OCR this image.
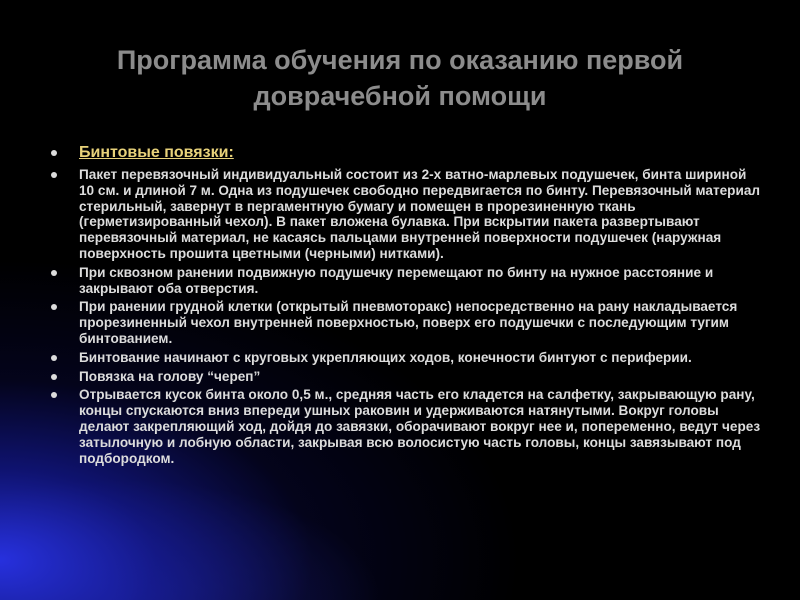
Программа обучения по оказанию первой
доврачебной помощи
Бинтовые повязки:
Пакет перевязочный индивидуальный состоит из 2-х ватно-марлевых подушечек, бинта шириной 10 см. и длиной 7 м. Одна из подушечек свободно передвигается по бинту. Перевязочный материал стерильный, завернут в пергаментную бумагу и помещен в прорезиненную ткань (герметизированный чехол). В пакет вложена булавка. При вскрытии пакета развертывают перевязочный материал, не касаясь пальцами внутренней поверхности подушечек (наружная поверхность прошита цветными (черными) нитками).
При сквозном ранении подвижную подушечку перемещают по бинту на нужное расстояние и закрывают оба отверстия.
При ранении грудной клетки (открытый пневмоторакс) непосредственно на рану накладывается прорезиненный чехол внутренней поверхностью, поверх его подушечки с последующим тугим бинтованием.
Бинтование начинают с круговых укрепляющих ходов, конечности бинтуют с периферии.
Повязка на голову “череп”
Отрывается кусок бинта около 0,5 м., средняя часть его кладется на салфетку, закрывающую рану, концы спускаются вниз впереди ушных раковин и удерживаются натянутыми. Вокруг головы делают закрепляющий ход, дойдя до завязки, оборачивают вокруг нее и, попеременно, ведут через затылочную и лобную области, закрывая всю волосистую часть головы, концы завязывают под подбородком.
